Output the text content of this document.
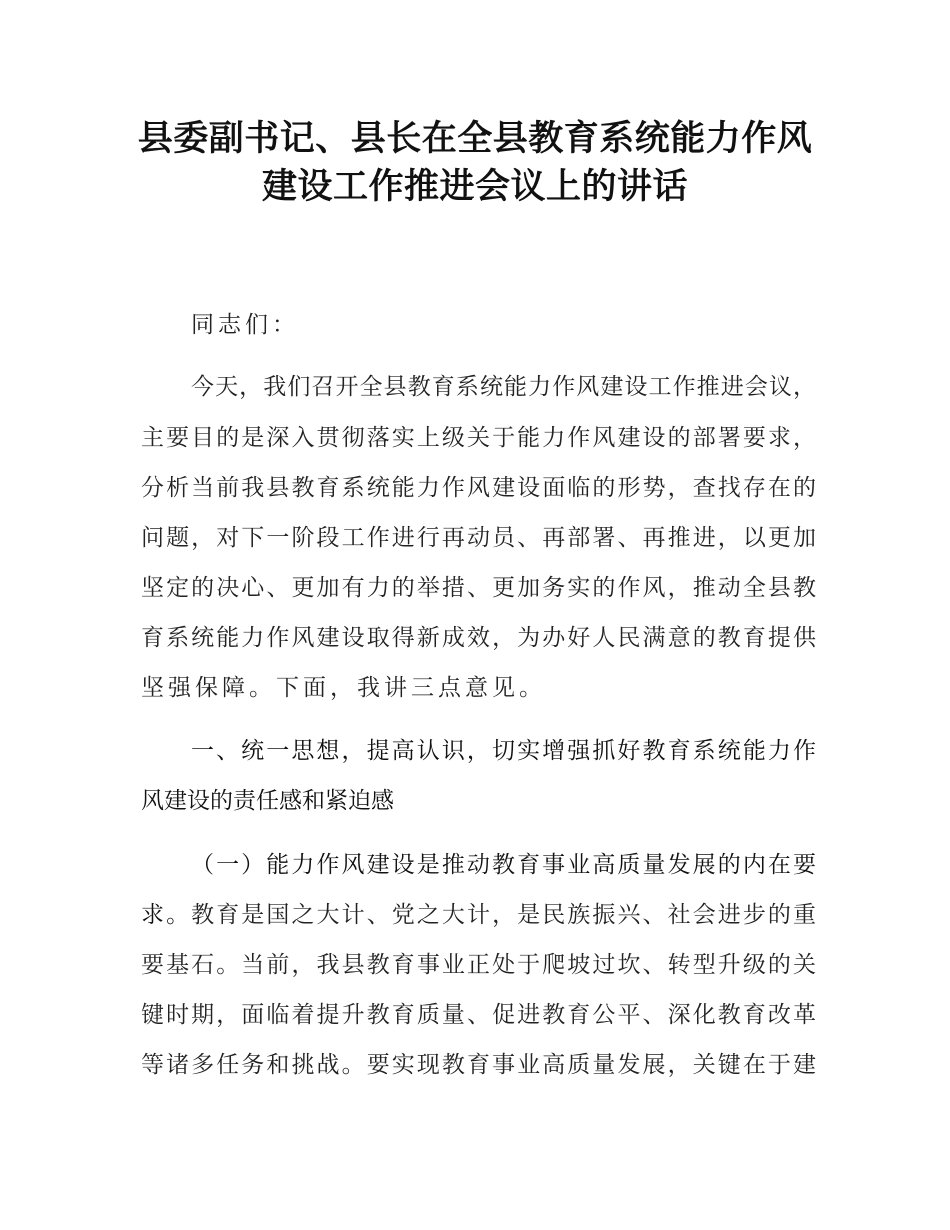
县委副书记、县长在全县教育系统能力作风
建设工作推进会议上的讲话
同志们：
今天，我们召开全县教育系统能力作风建设工作推进会议，
主要目的是深入贯彻落实上级关于能力作风建设的部署要求，
分析当前我县教育系统能力作风建设面临的形势，查找存在的
问题，对下一阶段工作进行再动员、再部署、再推进，以更加
坚定的决心、更加有力的举措、更加务实的作风，推动全县教
育系统能力作风建设取得新成效，为办好人民满意的教育提供
坚强保障。下面，我讲三点意见。
一、统一思想，提高认识，切实增强抓好教育系统能力作
风建设的责任感和紧迫感
（一）能力作风建设是推动教育事业高质量发展的内在要
求。教育是国之大计、党之大计，是民族振兴、社会进步的重
要基石。当前，我县教育事业正处于爬坡过坎、转型升级的关
键时期，面临着提升教育质量、促进教育公平、深化教育改革
等诸多任务和挑战。要实现教育事业高质量发展，关键在于建
